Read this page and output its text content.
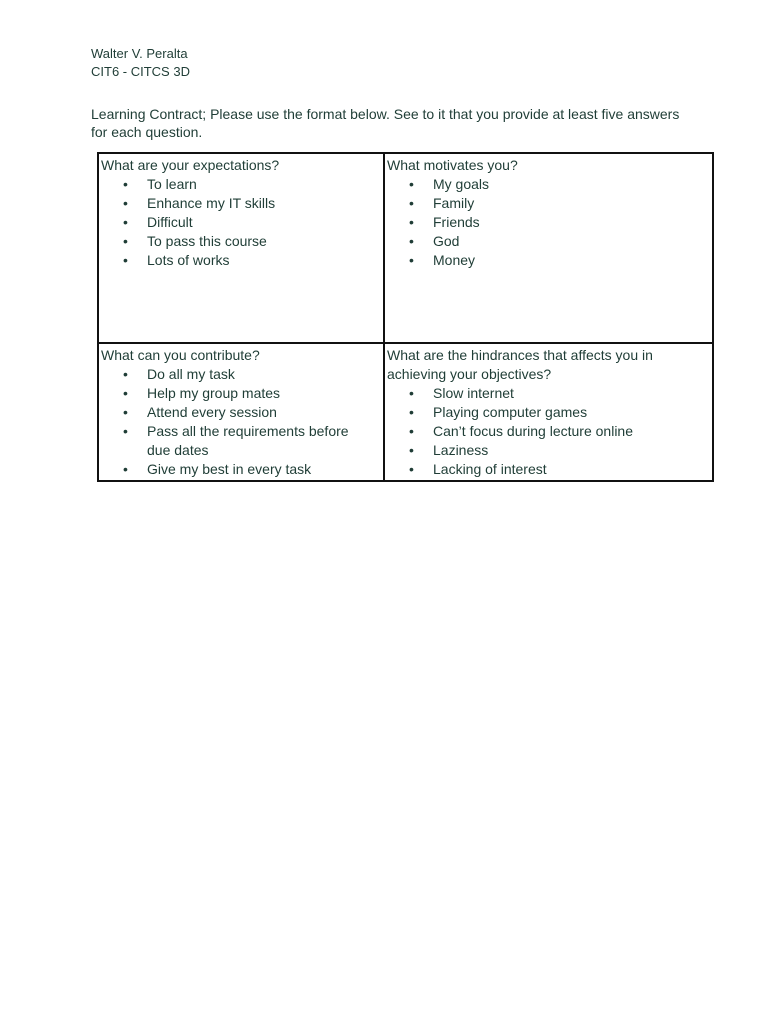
Walter V. Peralta
CIT6 - CITCS 3D
Learning Contract; Please use the format below. See to it that you provide at least five answers for each question.
What are your expectations?
• To learn
• Enhance my IT skills
• Difficult
• To pass this course
• Lots of works
What motivates you?
• My goals
• Family
• Friends
• God
• Money
What can you contribute?
• Do all my task
• Help my group mates
• Attend every session
• Pass all the requirements before due dates
• Give my best in every task
What are the hindrances that affects you in achieving your objectives?
• Slow internet
• Playing computer games
• Can’t focus during lecture online
• Laziness
• Lacking of interest
